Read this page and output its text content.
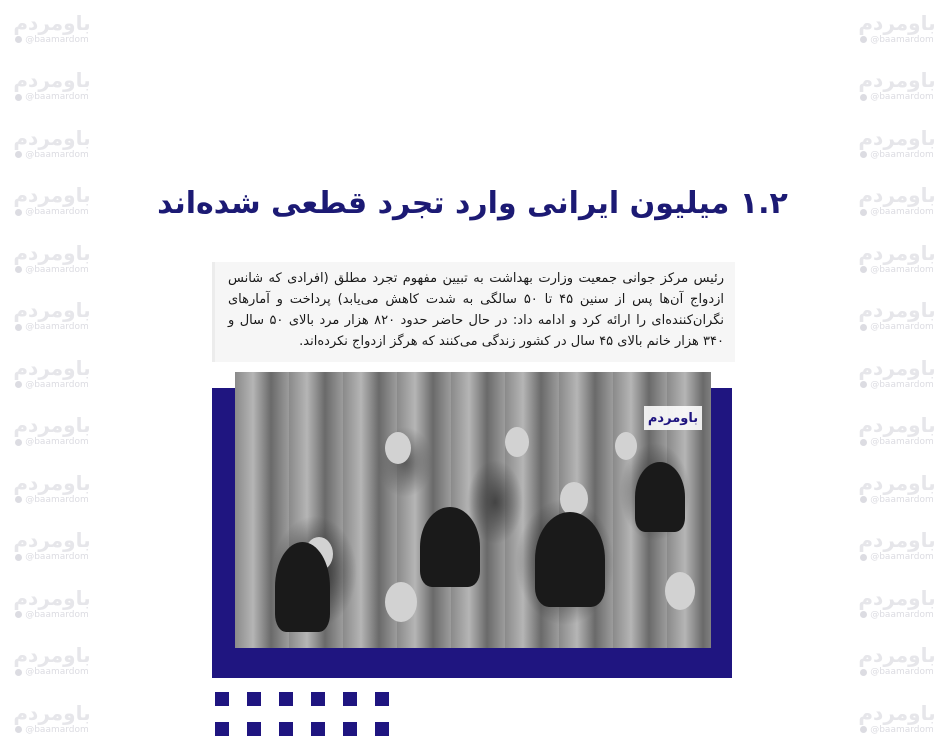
باومردم
@baamardom
باومردم
@baamardom
باومردم
@baamardom
باومردم
@baamardom
باومردم
@baamardom
باومردم
@baamardom
باومردم
@baamardom
باومردم
@baamardom
باومردم
@baamardom
باومردم
@baamardom
باومردم
@baamardom
باومردم
@baamardom
باومردم
@baamardom
باومردم
@baamardom
باومردم
@baamardom
باومردم
@baamardom
باومردم
@baamardom
باومردم
@baamardom
باومردم
@baamardom
باومردم
@baamardom
باومردم
@baamardom
باومردم
@baamardom
باومردم
@baamardom
باومردم
@baamardom
باومردم
@baamardom
باومردم
@baamardom
۱.۲ میلیون ایرانی وارد تجرد قطعی شده‌اند

رئیس مرکز جوانی جمعیت وزارت بهداشت به تبیین مفهوم تجرد مطلق (افرادی که شانس ازدواج آن‌ها پس از سنین ۴۵ تا ۵۰ سالگی به شدت کاهش می‌یابد) پرداخت و آمارهای نگران‌کننده‌ای را ارائه کرد و ادامه داد: در حال حاضر حدود ۸۲۰ هزار مرد بالای ۵۰ سال و ۳۴۰ هزار خانم بالای ۴۵ سال در کشور زندگی می‌کنند که هرگز ازدواج نکرده‌اند.

باومردم
